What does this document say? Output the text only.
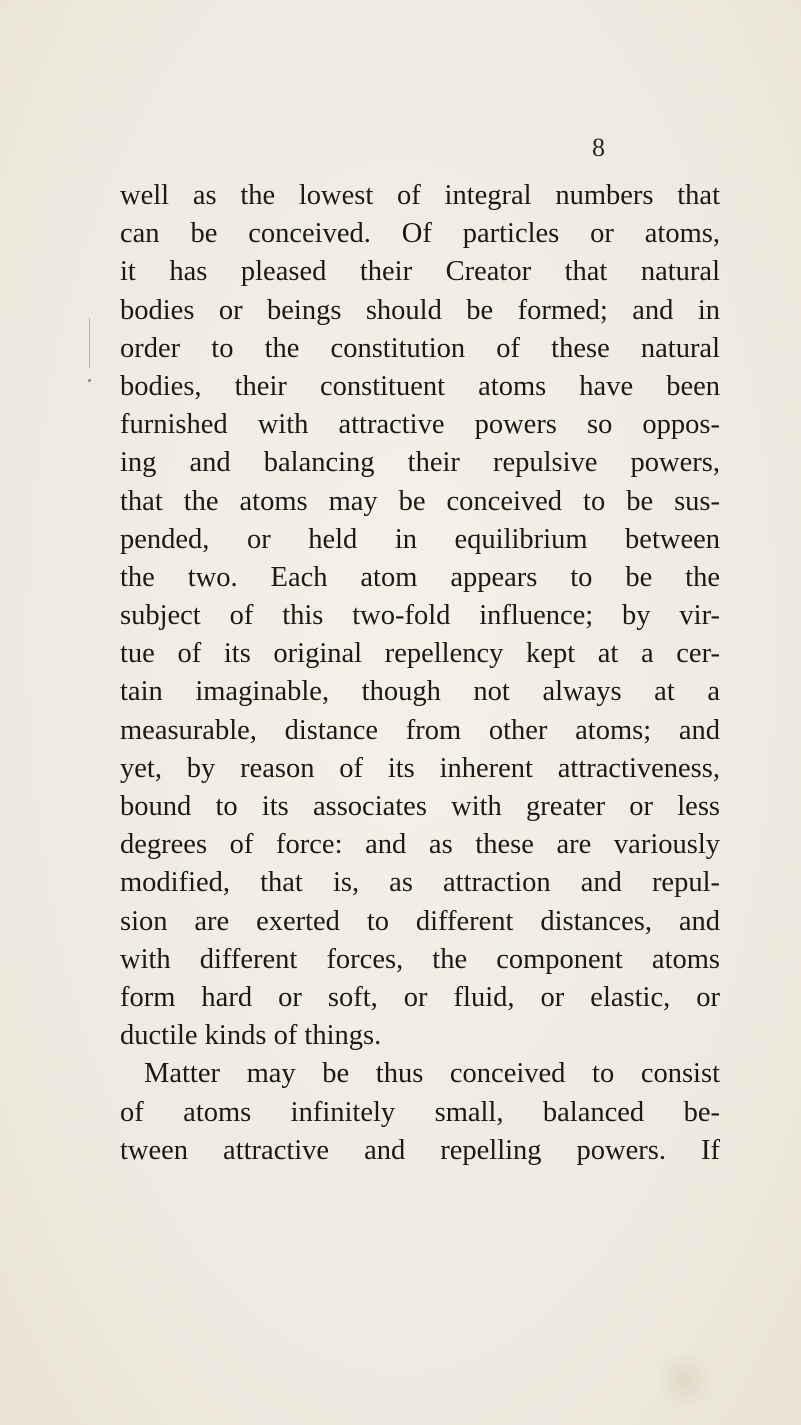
8
well as the lowest of integral numbers that
can be conceived. Of particles or atoms,
it has pleased their Creator that natural
bodies or beings should be formed; and in
order to the constitution of these natural
bodies, their constituent atoms have been
furnished with attractive powers so oppos-
ing and balancing their repulsive powers,
that the atoms may be conceived to be sus-
pended, or held in equilibrium between
the two. Each atom appears to be the
subject of this two-fold influence; by vir-
tue of its original repellency kept at a cer-
tain imaginable, though not always at a
measurable, distance from other atoms; and
yet, by reason of its inherent attractiveness,
bound to its associates with greater or less
degrees of force: and as these are variously
modified, that is, as attraction and repul-
sion are exerted to different distances, and
with different forces, the component atoms
form hard or soft, or fluid, or elastic, or
ductile kinds of things.
Matter may be thus conceived to consist
of atoms infinitely small, balanced be-
tween attractive and repelling powers. If
